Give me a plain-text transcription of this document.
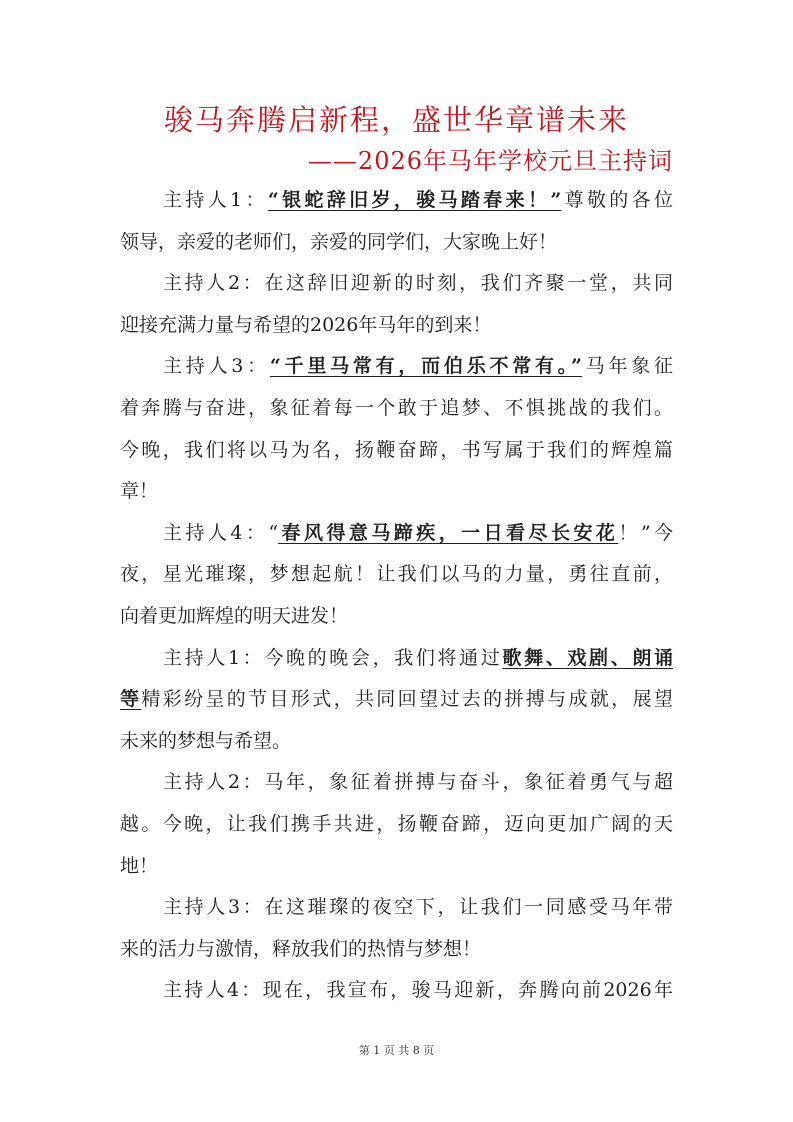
骏马奔腾启新程，盛世华章谱未来
——2026年马年学校元旦主持词
主持人1：“银蛇辞旧岁，骏马踏春来！”尊敬的各位
领导，亲爱的老师们，亲爱的同学们，大家晚上好！
主持人2：在这辞旧迎新的时刻，我们齐聚一堂，共同
迎接充满力量与希望的2026年马年的到来！
主持人3：“千里马常有，而伯乐不常有。”马年象征
着奔腾与奋进，象征着每一个敢于追梦、不惧挑战的我们。
今晚，我们将以马为名，扬鞭奋蹄，书写属于我们的辉煌篇
章！
主持人4：“春风得意马蹄疾，一日看尽长安花！”今
夜，星光璀璨，梦想起航！让我们以马的力量，勇往直前，
向着更加辉煌的明天进发！
主持人1：今晚的晚会，我们将通过歌舞、戏剧、朗诵
等精彩纷呈的节目形式，共同回望过去的拼搏与成就，展望
未来的梦想与希望。
主持人2：马年，象征着拼搏与奋斗，象征着勇气与超
越。今晚，让我们携手共进，扬鞭奋蹄，迈向更加广阔的天
地！
主持人3：在这璀璨的夜空下，让我们一同感受马年带
来的活力与激情，释放我们的热情与梦想！
主持人4：现在，我宣布，骏马迎新，奔腾向前2026年
第 1 页 共 8 页
